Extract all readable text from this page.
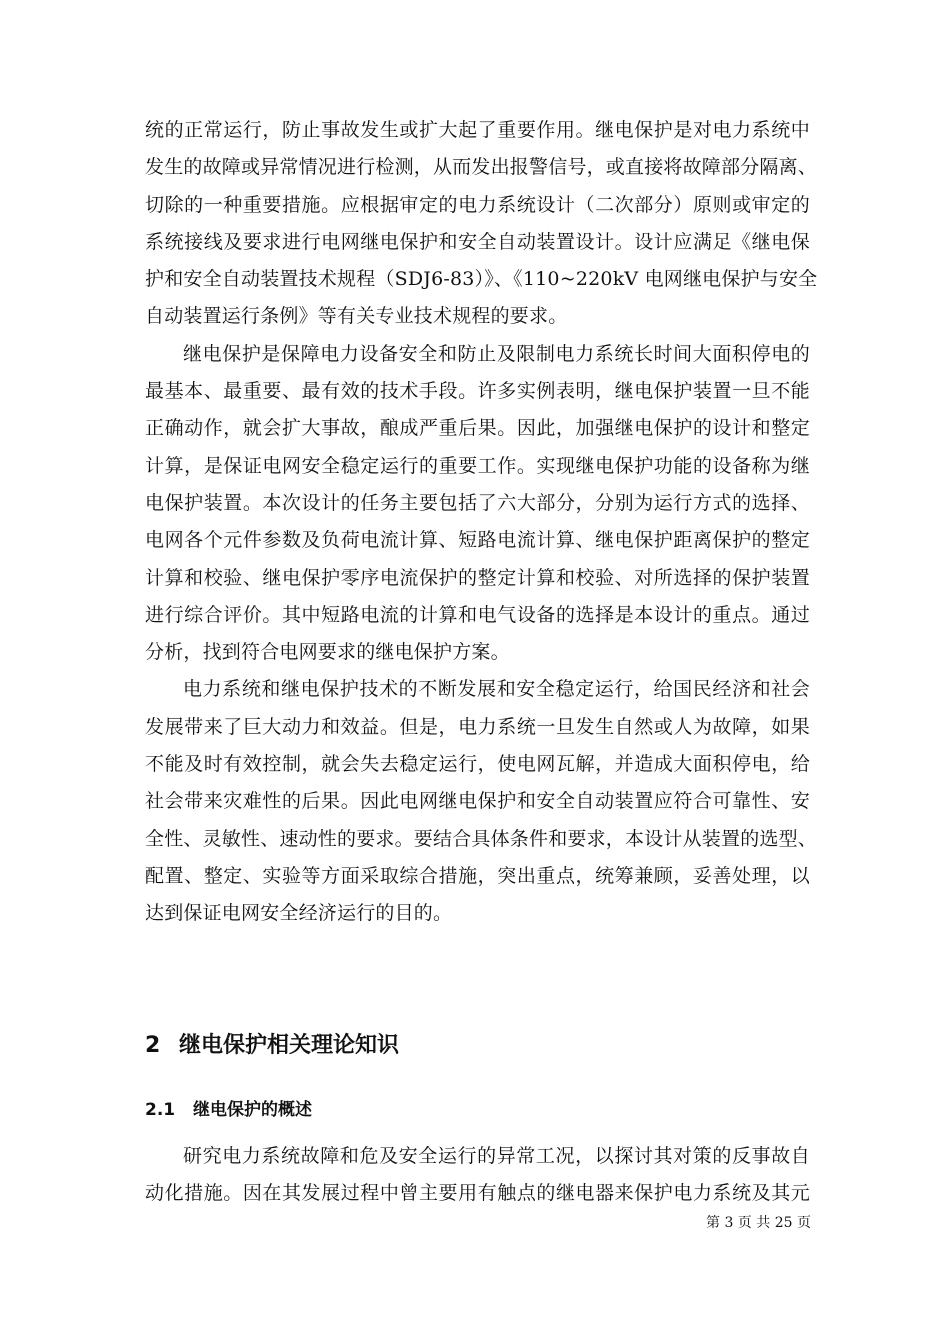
统的正常运行，防止事故发生或扩大起了重要作用。继电保护是对电力系统中
发生的故障或异常情况进行检测，从而发出报警信号，或直接将故障部分隔离、
切除的一种重要措施。应根据审定的电力系统设计（二次部分）原则或审定的
系统接线及要求进行电网继电保护和安全自动装置设计。设计应满足《继电保
护和安全自动装置技术规程（SDJ6-83）》、《110~220kV 电网继电保护与安全
自动装置运行条例》等有关专业技术规程的要求。
继电保护是保障电力设备安全和防止及限制电力系统长时间大面积停电的
最基本、最重要、最有效的技术手段。许多实例表明，继电保护装置一旦不能
正确动作，就会扩大事故，酿成严重后果。因此，加强继电保护的设计和整定
计算，是保证电网安全稳定运行的重要工作。实现继电保护功能的设备称为继
电保护装置。本次设计的任务主要包括了六大部分，分别为运行方式的选择、
电网各个元件参数及负荷电流计算、短路电流计算、继电保护距离保护的整定
计算和校验、继电保护零序电流保护的整定计算和校验、对所选择的保护装置
进行综合评价。其中短路电流的计算和电气设备的选择是本设计的重点。通过
分析，找到符合电网要求的继电保护方案。
电力系统和继电保护技术的不断发展和安全稳定运行，给国民经济和社会
发展带来了巨大动力和效益。但是，电力系统一旦发生自然或人为故障，如果
不能及时有效控制，就会失去稳定运行，使电网瓦解，并造成大面积停电，给
社会带来灾难性的后果。因此电网继电保护和安全自动装置应符合可靠性、安
全性、灵敏性、速动性的要求。要结合具体条件和要求，本设计从装置的选型、
配置、整定、实验等方面采取综合措施，突出重点，统筹兼顾，妥善处理，以
达到保证电网安全经济运行的目的。
2 继电保护相关理论知识
2.1 继电保护的概述
研究电力系统故障和危及安全运行的异常工况，以探讨其对策的反事故自
动化措施。因在其发展过程中曾主要用有触点的继电器来保护电力系统及其元
第 3 页 共 25 页
